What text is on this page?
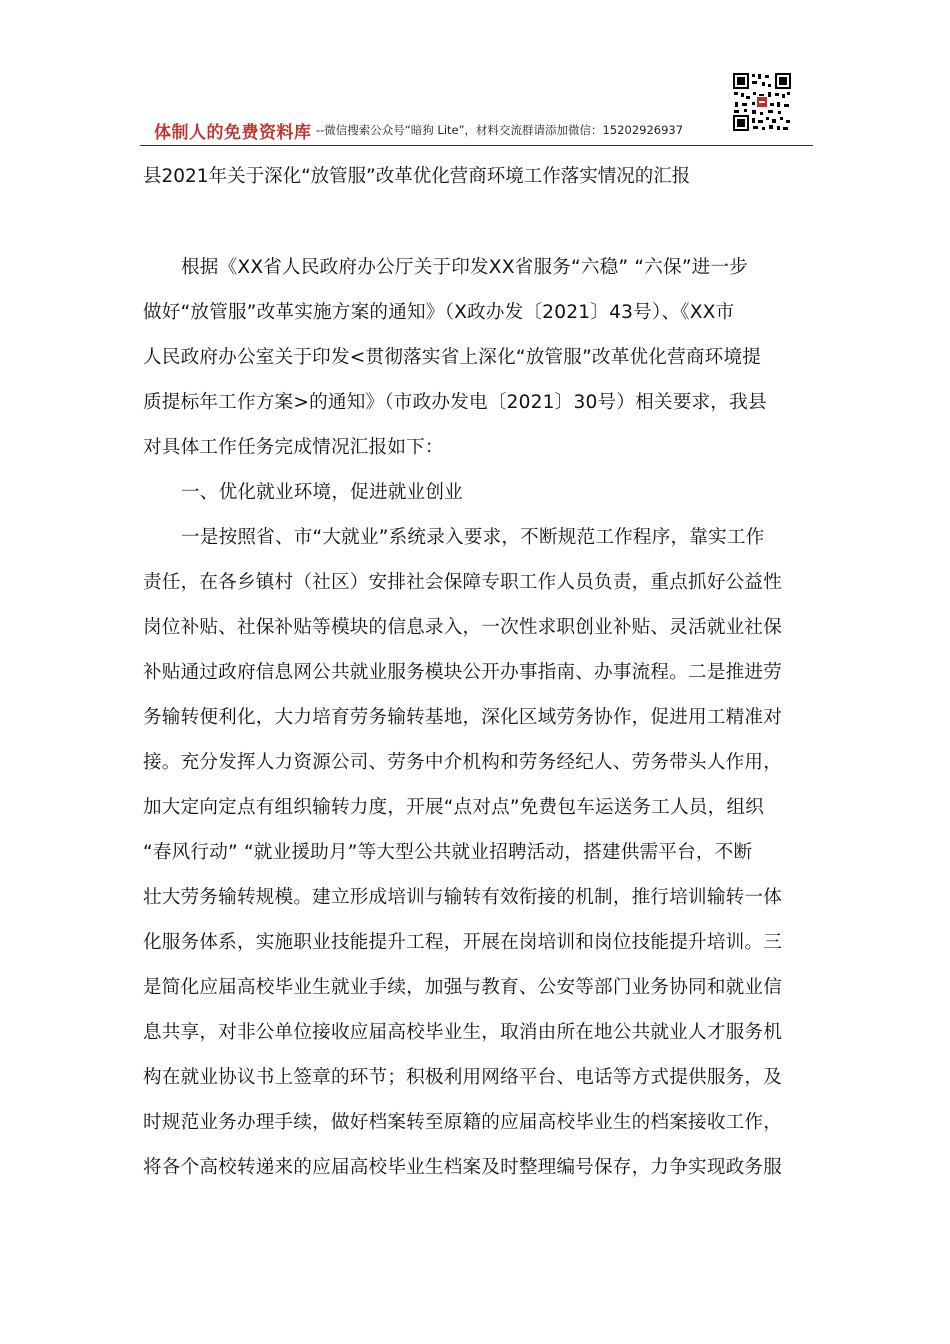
体制人的免费资料库 --微信搜索公众号“暗狗 Lite”，材料交流群请添加微信：15202926937
县2021年关于深化“放管服”改革优化营商环境工作落实情况的汇报
根据《XX省人民政府办公厅关于印发XX省服务“六稳” “六保”进一步
做好“放管服”改革实施方案的通知》（X政办发〔2021〕43号）、《XX市
人民政府办公室关于印发<贯彻落实省上深化“放管服”改革优化营商环境提
质提标年工作方案>的通知》（市政办发电〔2021〕30号）相关要求，我县
对具体工作任务完成情况汇报如下：
一、优化就业环境，促进就业创业
一是按照省、市“大就业”系统录入要求，不断规范工作程序，靠实工作
责任，在各乡镇村（社区）安排社会保障专职工作人员负责，重点抓好公益性
岗位补贴、社保补贴等模块的信息录入，一次性求职创业补贴、灵活就业社保
补贴通过政府信息网公共就业服务模块公开办事指南、办事流程。二是推进劳
务输转便利化，大力培育劳务输转基地，深化区域劳务协作，促进用工精准对
接。充分发挥人力资源公司、劳务中介机构和劳务经纪人、劳务带头人作用，
加大定向定点有组织输转力度，开展“点对点”免费包车运送务工人员，组织
“春风行动” “就业援助月”等大型公共就业招聘活动，搭建供需平台，不断
壮大劳务输转规模。建立形成培训与输转有效衔接的机制，推行培训输转一体
化服务体系，实施职业技能提升工程，开展在岗培训和岗位技能提升培训。三
是简化应届高校毕业生就业手续，加强与教育、公安等部门业务协同和就业信
息共享，对非公单位接收应届高校毕业生，取消由所在地公共就业人才服务机
构在就业协议书上签章的环节；积极利用网络平台、电话等方式提供服务，及
时规范业务办理手续，做好档案转至原籍的应届高校毕业生的档案接收工作，
将各个高校转递来的应届高校毕业生档案及时整理编号保存，力争实现政务服
